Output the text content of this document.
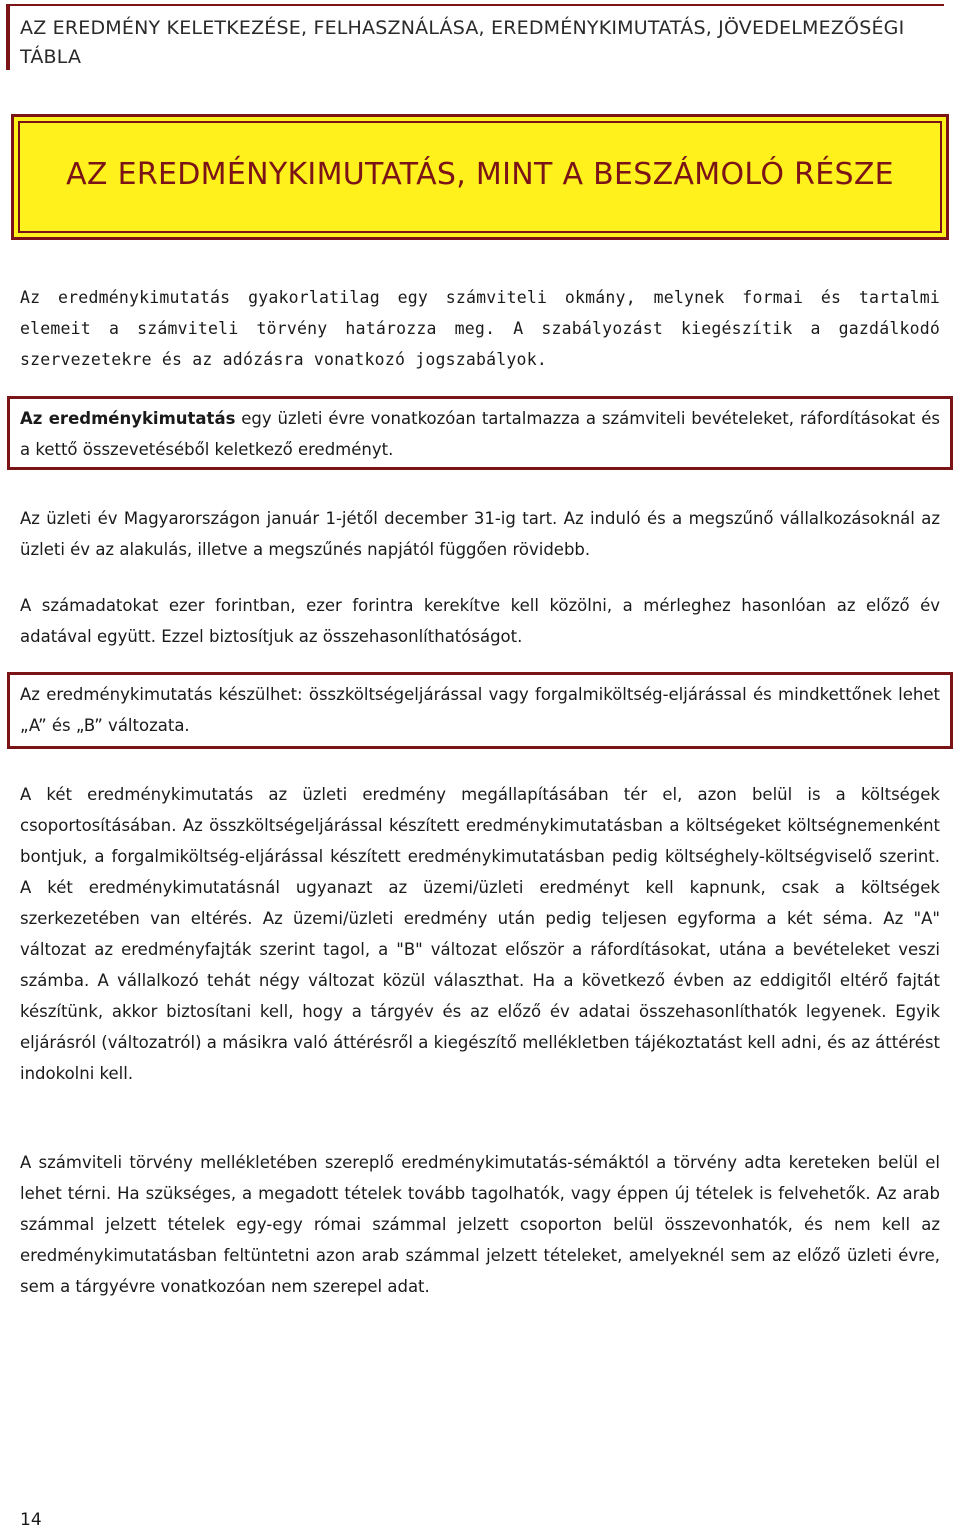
AZ EREDMÉNY KELETKEZÉSE, FELHASZNÁLÁSA, EREDMÉNYKIMUTATÁS, JÖVEDELMEZŐSÉGI TÁBLA
AZ EREDMÉNYKIMUTATÁS, MINT A BESZÁMOLÓ RÉSZE

Az eredménykimutatás gyakorlatilag egy számviteli okmány, melynek formai és tartalmi elemeit a számviteli törvény határozza meg. A szabályozást kiegészítik a gazdálkodó szervezetekre és az adózásra vonatkozó jogszabályok.

Az eredménykimutatás egy üzleti évre vonatkozóan tartalmazza a számviteli bevételeket, ráfordításokat és a kettő összevetéséből keletkező eredményt.

Az üzleti év Magyarországon január 1-jétől december 31-ig tart. Az induló és a megszűnő vállalkozásoknál az üzleti év az alakulás, illetve a megszűnés napjától függően rövidebb.

A számadatokat ezer forintban, ezer forintra kerekítve kell közölni, a mérleghez hasonlóan az előző év adatával együtt. Ezzel biztosítjuk az összehasonlíthatóságot.

Az eredménykimutatás készülhet: összköltségeljárással vagy forgalmiköltség-eljárással és mindkettőnek lehet „A” és „B” változata.

A két eredménykimutatás az üzleti eredmény megállapításában tér el, azon belül is a költségek csoportosításában. Az összköltségeljárással készített eredménykimutatásban a költségeket költségnemenként bontjuk, a forgalmiköltség-eljárással készített eredménykimutatásban pedig költséghely-költségviselő szerint. A két eredménykimutatásnál ugyanazt az üzemi/üzleti eredményt kell kapnunk, csak a költségek szerkezetében van eltérés. Az üzemi/üzleti eredmény után pedig teljesen egyforma a két séma. Az "A" változat az eredményfajták szerint tagol, a "B" változat először a ráfordításokat, utána a bevételeket veszi számba. A vállalkozó tehát négy változat közül választhat. Ha a következő évben az eddigitől eltérő fajtát készítünk, akkor biztosítani kell, hogy a tárgyév és az előző év adatai összehasonlíthatók legyenek. Egyik eljárásról (változatról) a másikra való áttérésről a kiegészítő mellékletben tájékoztatást kell adni, és az áttérést indokolni kell.

A számviteli törvény mellékletében szereplő eredménykimutatás-sémáktól a törvény adta kereteken belül el lehet térni. Ha szükséges, a megadott tételek tovább tagolhatók, vagy éppen új tételek is felvehetők. Az arab számmal jelzett tételek egy-egy római számmal jelzett csoporton belül összevonhatók, és nem kell az eredménykimutatásban feltüntetni azon arab számmal jelzett tételeket, amelyeknél sem az előző üzleti évre, sem a tárgyévre vonatkozóan nem szerepel adat.

14
